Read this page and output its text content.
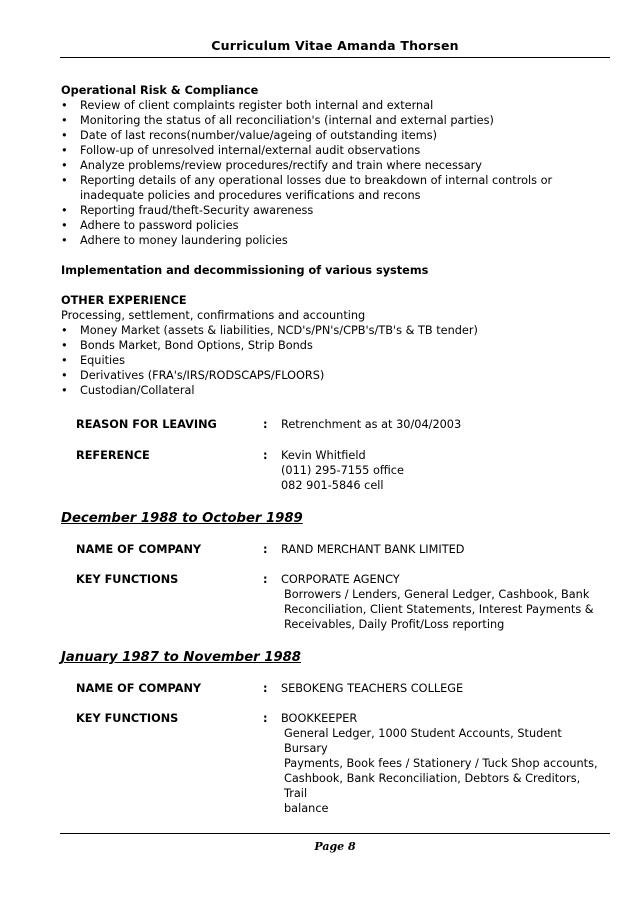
Curriculum Vitae Amanda Thorsen
Operational Risk & Compliance
•	Review of client complaints register both internal and external
•	Monitoring the status of all reconciliation's (internal and external parties)
•	Date of last recons(number/value/ageing of outstanding items)
•	Follow-up of unresolved internal/external audit observations
•	Analyze problems/review procedures/rectify and train where necessary
•	Reporting details of any operational losses due to breakdown of internal controls or inadequate policies and procedures verifications and recons
•	Reporting fraud/theft-Security awareness
•	Adhere to password policies
•	Adhere to money laundering policies
Implementation and decommissioning of various systems
OTHER EXPERIENCE
Processing, settlement, confirmations and accounting
•	Money Market (assets & liabilities, NCD's/PN's/CPB's/TB's & TB tender)
•	Bonds Market, Bond Options, Strip Bonds
•	Equities
•	Derivatives (FRA's/IRS/RODSCAPS/FLOORS)
•	Custodian/Collateral
REASON FOR LEAVING	:	Retrenchment as at 30/04/2003
REFERENCE	:	Kevin Whitfield
(011) 295-7155 office
082 901-5846 cell
December 1988 to October 1989
NAME OF COMPANY	:	RAND MERCHANT BANK LIMITED
KEY FUNCTIONS	:	CORPORATE AGENCY
Borrowers / Lenders, General Ledger, Cashbook, Bank
Reconciliation, Client Statements, Interest Payments &
Receivables, Daily Profit/Loss reporting
January 1987 to November 1988
NAME OF COMPANY	:	SEBOKENG TEACHERS COLLEGE
KEY FUNCTIONS	:	BOOKKEEPER
General Ledger, 1000 Student Accounts, Student Bursary
Payments, Book fees / Stationery / Tuck Shop accounts,
Cashbook, Bank Reconciliation, Debtors & Creditors, Trail
balance
Page 8
